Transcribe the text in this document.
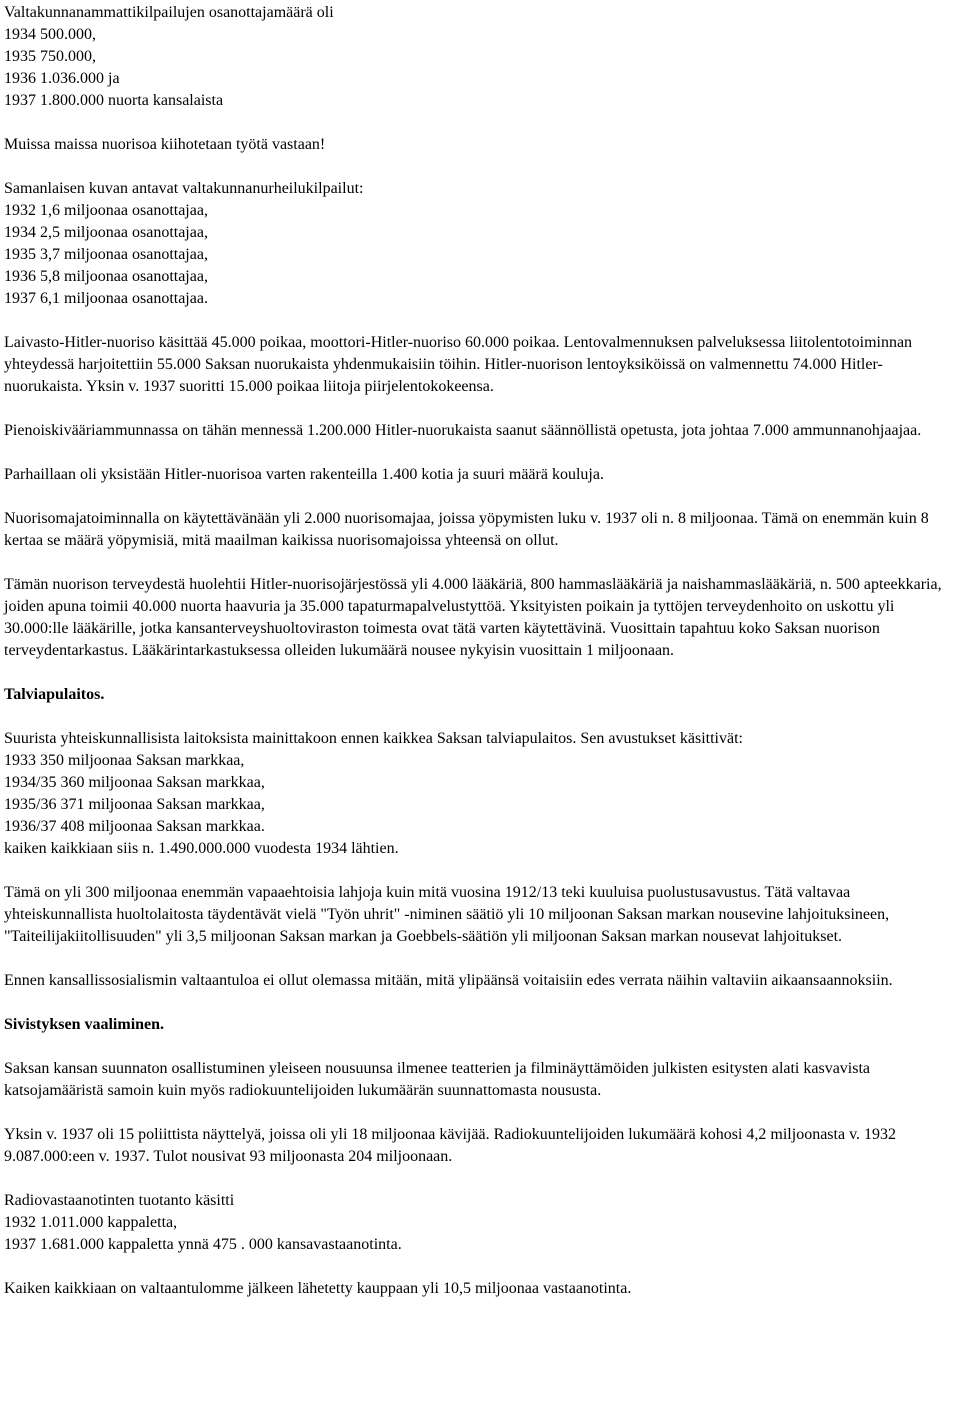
Valtakunnanammattikilpailujen osanottajamäärä oli
1934 500.000,
1935 750.000,
1936 1.036.000 ja
1937 1.800.000 nuorta kansalaista

Muissa maissa nuorisoa kiihotetaan työtä vastaan!

Samanlaisen kuvan antavat valtakunnanurheilukilpailut:
1932 1,6 miljoonaa osanottajaa,
1934 2,5 miljoonaa osanottajaa,
1935 3,7 miljoonaa osanottajaa,
1936 5,8 miljoonaa osanottajaa,
1937 6,1 miljoonaa osanottajaa.

Laivasto-Hitler-nuoriso käsittää 45.000 poikaa, moottori-Hitler-nuoriso 60.000 poikaa. Lentovalmennuksen palveluksessa liitolentotoiminnan yhteydessä harjoitettiin 55.000 Saksan nuorukaista yhdenmukaisiin töihin. Hitler-nuorison lentoyksiköissä on valmennettu 74.000 Hitler-nuorukaista. Yksin v. 1937 suoritti 15.000 poikaa liitoja piirjelentokokeensa.

Pienoiskivääriammunnassa on tähän mennessä 1.200.000 Hitler-nuorukaista saanut säännöllistä opetusta, jota johtaa 7.000 ammunnanohjaajaa.

Parhaillaan oli yksistään Hitler-nuorisoa varten rakenteilla 1.400 kotia ja suuri määrä kouluja.

Nuorisomajatoiminnalla on käytettävänään yli 2.000 nuorisomajaa, joissa yöpymisten luku v. 1937 oli n. 8 miljoonaa. Tämä on enemmän kuin 8 kertaa se määrä yöpymisiä, mitä maailman kaikissa nuorisomajoissa yhteensä on ollut.

Tämän nuorison terveydestä huolehtii Hitler-nuorisojärjestössä yli 4.000 lääkäriä, 800 hammaslääkäriä ja naishammaslääkäriä, n. 500 apteekkaria, joiden apuna toimii 40.000 nuorta haavuria ja 35.000 tapaturmapalvelustyttöä. Yksityisten poikain ja tyttöjen terveydenhoito on uskottu yli 30.000:lle lääkärille, jotka kansanterveyshuoltoviraston toimesta ovat tätä varten käytettävinä. Vuosittain tapahtuu koko Saksan nuorison terveydentarkastus. Lääkärintarkastuksessa olleiden lukumäärä nousee nykyisin vuosittain 1 miljoonaan.

Talviapulaitos.

Suurista yhteiskunnallisista laitoksista mainittakoon ennen kaikkea Saksan talviapulaitos. Sen avustukset käsittivät:
1933 350 miljoonaa Saksan markkaa,
1934/35 360 miljoonaa Saksan markkaa,
1935/36 371 miljoonaa Saksan markkaa,
1936/37 408 miljoonaa Saksan markkaa.
kaiken kaikkiaan siis n. 1.490.000.000 vuodesta 1934 lähtien.

Tämä on yli 300 miljoonaa enemmän vapaaehtoisia lahjoja kuin mitä vuosina 1912/13 teki kuuluisa puolustusavustus. Tätä valtavaa yhteiskunnallista huoltolaitosta täydentävät vielä "Työn uhrit" -niminen säätiö yli 10 miljoonan Saksan markan nousevine lahjoituksineen, "Taiteilijakiitollisuuden" yli 3,5 miljoonan Saksan markan ja Goebbels-säätiön yli miljoonan Saksan markan nousevat lahjoitukset.

Ennen kansallissosialismin valtaantuloa ei ollut olemassa mitään, mitä ylipäänsä voitaisiin edes verrata näihin valtaviin aikaansaannoksiin.

Sivistyksen vaaliminen.

Saksan kansan suunnaton osallistuminen yleiseen nousuunsa ilmenee teatterien ja filminäyttämöiden julkisten esitysten alati kasvavista katsojamääristä samoin kuin myös radiokuuntelijoiden lukumäärän suunnattomasta noususta.

Yksin v. 1937 oli 15 poliittista näyttelyä, joissa oli yli 18 miljoonaa kävijää. Radiokuuntelijoiden lukumäärä kohosi 4,2 miljoonasta v. 1932 9.087.000:een v. 1937. Tulot nousivat 93 miljoonasta 204 miljoonaan.

Radiovastaanotinten tuotanto käsitti
1932 1.011.000 kappaletta,
1937 1.681.000 kappaletta ynnä 475 . 000 kansavastaanotinta.

Kaiken kaikkiaan on valtaantulomme jälkeen lähetetty kauppaan yli 10,5 miljoonaa vastaanotinta.
